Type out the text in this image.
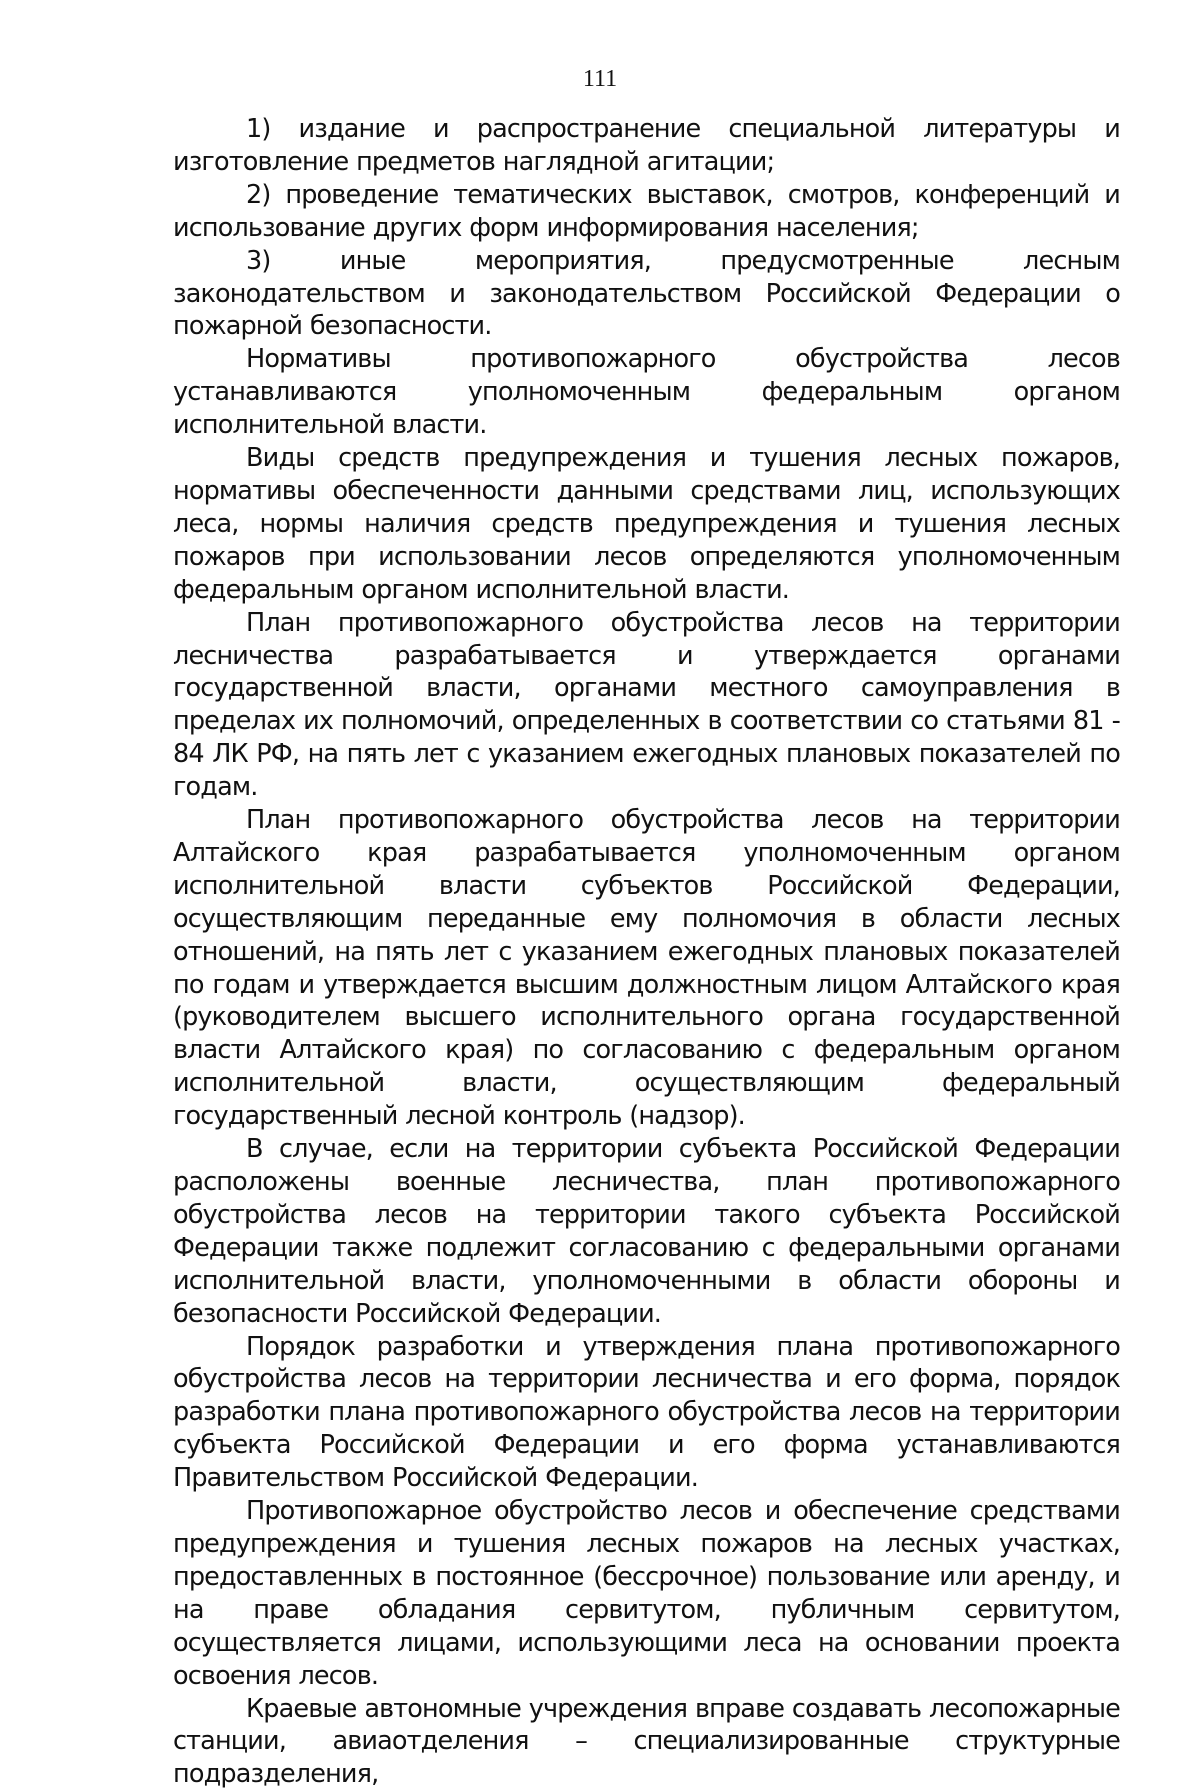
111

1) издание и распространение специальной литературы и изготовление предметов наглядной агитации;

2) проведение тематических выставок, смотров, конференций и использование других форм информирования населения;

3) иные мероприятия, предусмотренные лесным законодательством и законодательством Российской Федерации о пожарной безопасности.

Нормативы противопожарного обустройства лесов устанавливаются уполномоченным федеральным органом исполнительной власти.

Виды средств предупреждения и тушения лесных пожаров, нормативы обеспеченности данными средствами лиц, использующих леса, нормы наличия средств предупреждения и тушения лесных пожаров при использовании лесов определяются уполномоченным федеральным органом исполнительной власти.

План противопожарного обустройства лесов на территории лесничества разрабатывается и утверждается органами государственной власти, органами местного самоуправления в пределах их полномочий, определенных в соответствии со статьями 81 - 84 ЛК РФ, на пять лет с указанием ежегодных плановых показателей по годам.

План противопожарного обустройства лесов на территории Алтайского края разрабатывается уполномоченным органом исполнительной власти субъектов Российской Федерации, осуществляющим переданные ему полномочия в области лесных отношений, на пять лет с указанием ежегодных плановых показателей по годам и утверждается высшим должностным лицом Алтайского края (руководителем высшего исполнительного органа государственной власти Алтайского края) по согласованию с федеральным органом исполнительной власти, осуществляющим федеральный государственный лесной контроль (надзор).

В случае, если на территории субъекта Российской Федерации расположены военные лесничества, план противопожарного обустройства лесов на территории такого субъекта Российской Федерации также подлежит согласованию с федеральными органами исполнительной власти, уполномоченными в области обороны и безопасности Российской Федерации.

Порядок разработки и утверждения плана противопожарного обустройства лесов на территории лесничества и его форма, порядок разработки плана противопожарного обустройства лесов на территории субъекта Российской Федерации и его форма устанавливаются Правительством Российской Федерации.

Противопожарное обустройство лесов и обеспечение средствами предупреждения и тушения лесных пожаров на лесных участках, предоставленных в постоянное (бессрочное) пользование или аренду, и на праве обладания сервитутом, публичным сервитутом, осуществляется лицами, использующими леса на основании проекта освоения лесов.

Краевые автономные учреждения вправе создавать лесопожарные станции, авиаотделения – специализированные структурные подразделения,
